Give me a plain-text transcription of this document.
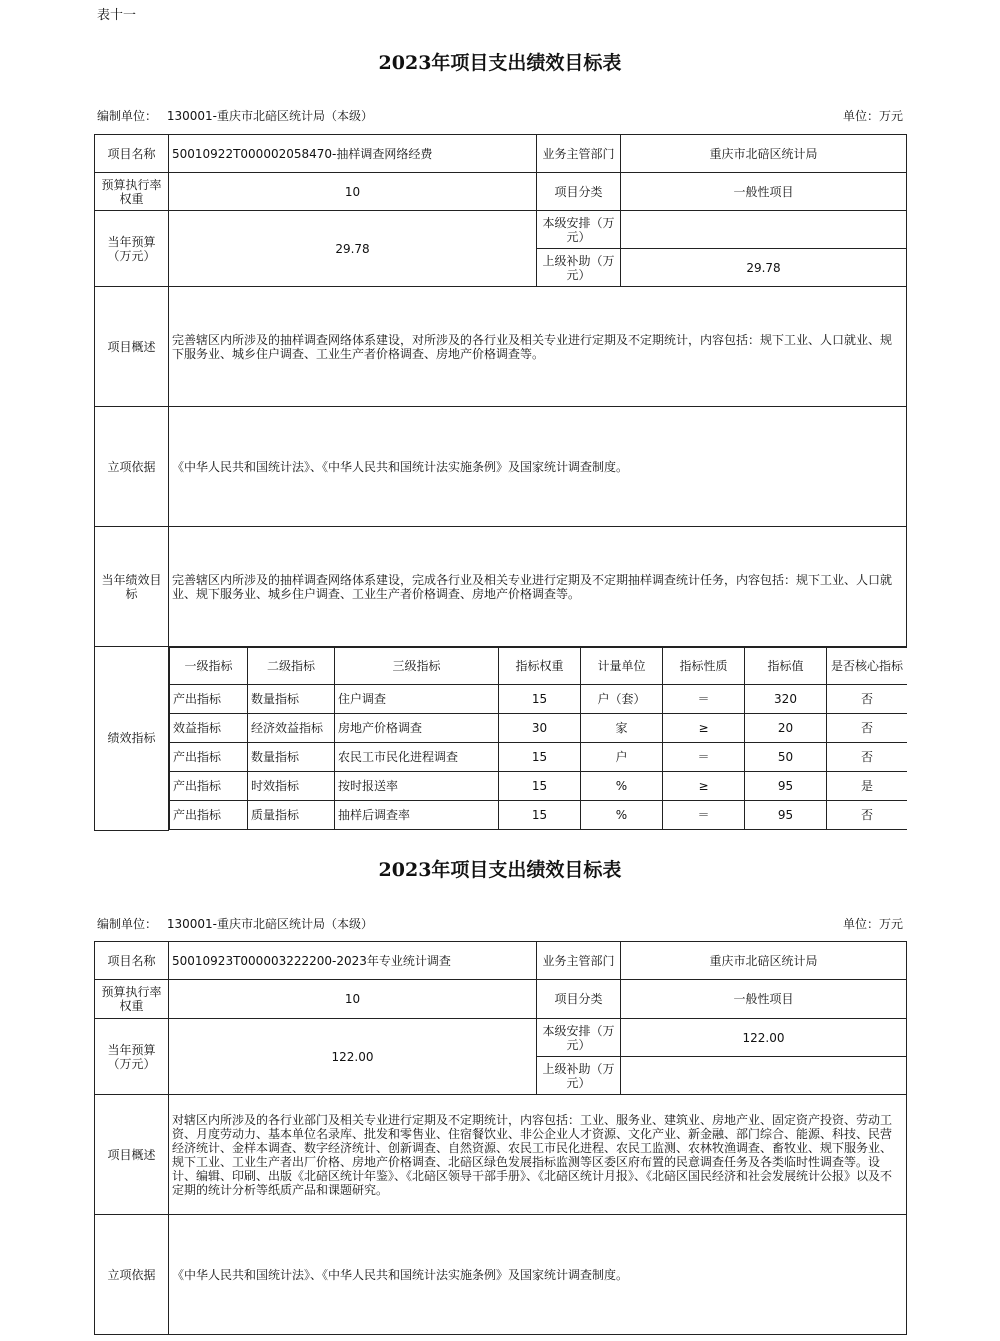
表十一
2023年项目支出绩效目标表
编制单位： 130001-重庆市北碚区统计局（本级）	单位：万元
项目名称	50010922T000002058470-抽样调查网络经费	业务主管部门	重庆市北碚区统计局
预算执行率权重	10	项目分类	一般性项目
当年预算（万元）	29.78	本级安排（万元）	
上级补助（万元）	29.78
项目概述	完善辖区内所涉及的抽样调查网络体系建设，对所涉及的各行业及相关专业进行定期及不定期统计，内容包括：规下工业、人口就业、规下服务业、城乡住户调查、工业生产者价格调查、房地产价格调查等。
立项依据	《中华人民共和国统计法》、《中华人民共和国统计法实施条例》及国家统计调查制度。
当年绩效目标	完善辖区内所涉及的抽样调查网络体系建设，完成各行业及相关专业进行定期及不定期抽样调查统计任务，内容包括：规下工业、人口就业、规下服务业、城乡住户调查、工业生产者价格调查、房地产价格调查等。
绩效指标	
一级指标	二级指标	三级指标	指标权重	计量单位	指标性质	指标值	是否核心指标
产出指标	数量指标	住户调查	15	户（套）	＝	320	否
效益指标	经济效益指标	房地产价格调查	30	家	≥	20	否
产出指标	数量指标	农民工市民化进程调查	15	户	＝	50	否
产出指标	时效指标	按时报送率	15	%	≥	95	是
产出指标	质量指标	抽样后调查率	15	%	＝	95	否
2023年项目支出绩效目标表
编制单位： 130001-重庆市北碚区统计局（本级）	单位：万元
项目名称	50010923T000003222200-2023年专业统计调查	业务主管部门	重庆市北碚区统计局
预算执行率权重	10	项目分类	一般性项目
当年预算（万元）	122.00	本级安排（万元）	122.00
		上级补助（万元）	
项目概述	对辖区内所涉及的各行业部门及相关专业进行定期及不定期统计，内容包括：工业、服务业、建筑业、房地产业、固定资产投资、劳动工资、月度劳动力、基本单位名录库、批发和零售业、住宿餐饮业、非公企业人才资源、文化产业、新金融、部门综合、能源、科技、民营经济统计、金样本调查、数字经济统计、创新调查、自然资源、农民工市民化进程、农民工监测、农林牧渔调查、畜牧业、规下服务业、规下工业、工业生产者出厂价格、房地产价格调查、北碚区绿色发展指标监测等区委区府布置的民意调查任务及各类临时性调查等。设计、编辑、印刷、出版《北碚区统计年鉴》、《北碚区领导干部手册》、《北碚区统计月报》、《北碚区国民经济和社会发展统计公报》以及不定期的统计分析等纸质产品和课题研究。		
立项依据	《中华人民共和国统计法》、《中华人民共和国统计法实施条例》及国家统计调查制度。		
